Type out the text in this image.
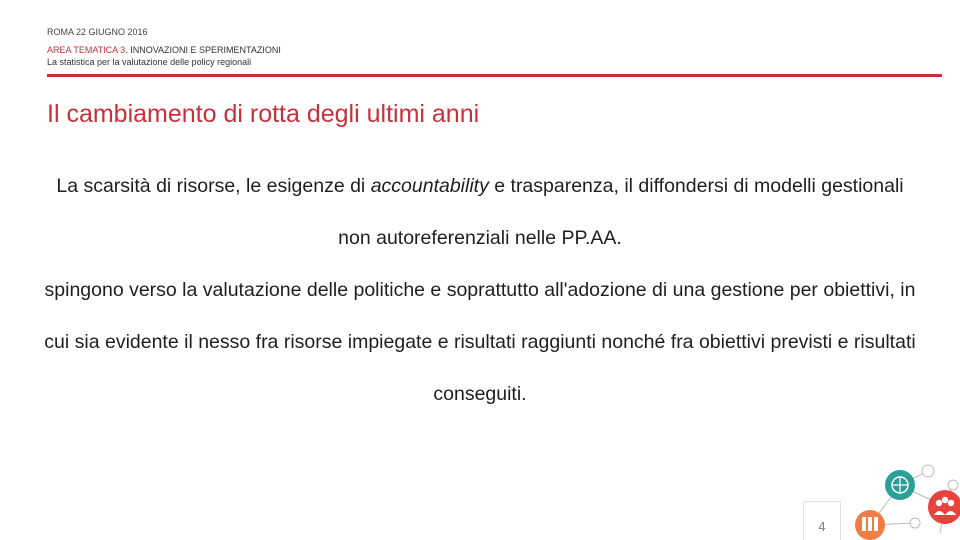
ROMA 22 GIUGNO 2016
AREA TEMATICA 3. INNOVAZIONI E SPERIMENTAZIONI
La statistica per la valutazione delle policy regionali
Il cambiamento di rotta degli ultimi anni

La scarsità di risorse, le esigenze di accountability e trasparenza, il diffondersi di modelli gestionali non autoreferenziali nelle PP.AA.

spingono verso la valutazione delle politiche e soprattutto all'adozione di una gestione per obiettivi, in cui sia evidente il nesso fra risorse impiegate e risultati raggiunti nonché fra obiettivi previsti e risultati conseguiti.

4
